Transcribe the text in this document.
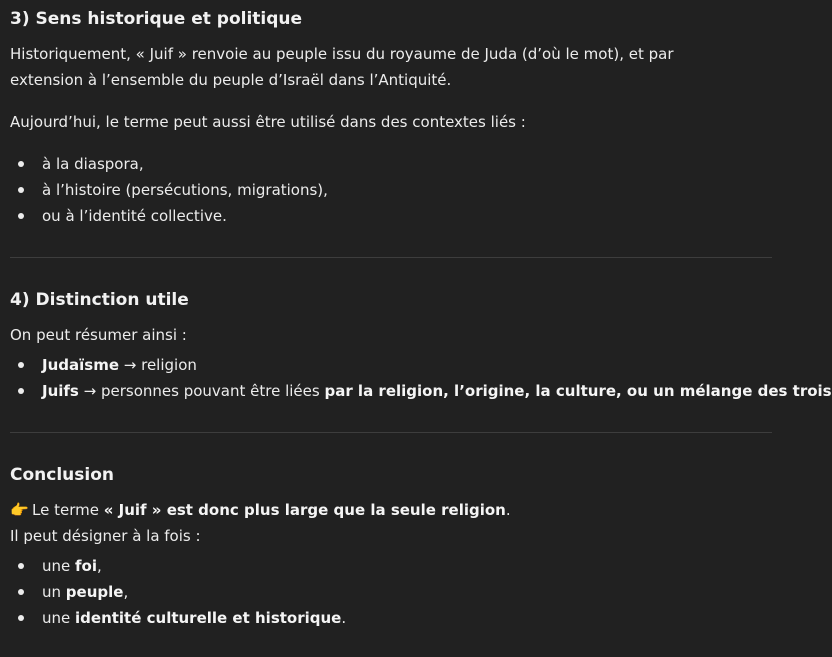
3) Sens historique et politique

Historiquement, « Juif » renvoie au peuple issu du royaume de Juda (d’où le mot), et par extension à l’ensemble du peuple d’Israël dans l’Antiquité.

Aujourd’hui, le terme peut aussi être utilisé dans des contextes liés :

à la diaspora,
à l’histoire (persécutions, migrations),
ou à l’identité collective.
4) Distinction utile

On peut résumer ainsi :

Judaïsme → religion
Juifs → personnes pouvant être liées par la religion, l’origine, la culture, ou un mélange des trois
Conclusion

👉 Le terme « Juif » est donc plus large que la seule religion.

Il peut désigner à la fois :

une foi,
un peuple,
une identité culturelle et historique.
